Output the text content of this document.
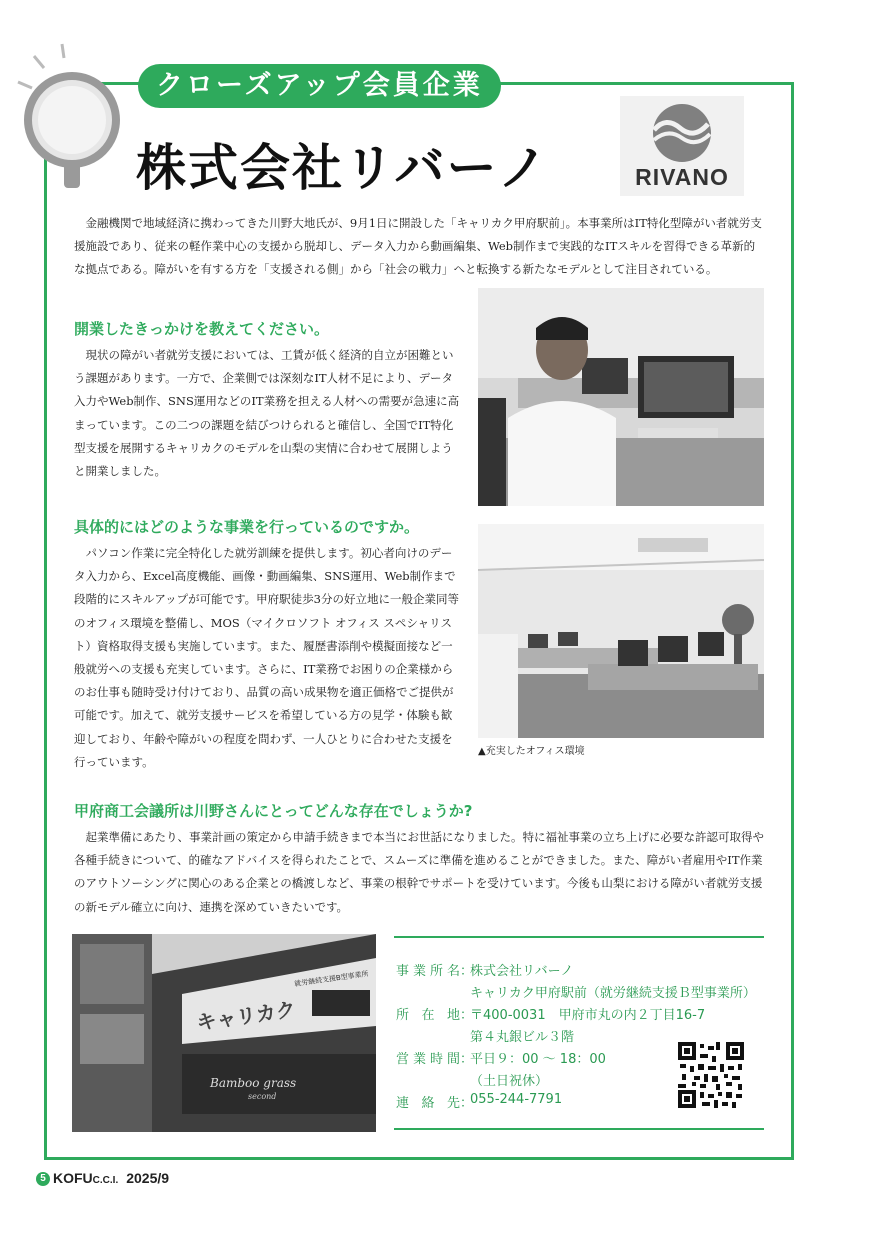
クローズアップ会員企業
株式会社リバーノ	RIVANO

金融機関で地域経済に携わってきた川野大地氏が、9月1日に開設した「キャリカク甲府駅前」。本事業所はIT特化型障がい者就労支援施設であり、従来の軽作業中心の支援から脱却し、データ入力から動画編集、Web制作まで実践的なITスキルを習得できる革新的な拠点である。障がいを有する方を「支援される側」から「社会の戦力」へと転換する新たなモデルとして注目されている。

開業したきっかけを教えてください。

現状の障がい者就労支援においては、工賃が低く経済的自立が困難という課題があります。一方で、企業側では深刻なIT人材不足により、データ入力やWeb制作、SNS運用などのIT業務を担える人材への需要が急速に高まっています。この二つの課題を結びつけられると確信し、全国でIT特化型支援を展開するキャリカクのモデルを山梨の実情に合わせて展開しようと開業しました。

具体的にはどのような事業を行っているのですか。

パソコン作業に完全特化した就労訓練を提供します。初心者向けのデータ入力から、Excel高度機能、画像・動画編集、SNS運用、Web制作まで段階的にスキルアップが可能です。甲府駅徒歩3分の好立地に一般企業同等のオフィス環境を整備し、MOS（マイクロソフト オフィス スペシャリスト）資格取得支援も実施しています。また、履歴書添削や模擬面接など一般就労への支援も充実しています。さらに、IT業務でお困りの企業様からのお仕事も随時受け付けており、品質の高い成果物を適正価格でご提供が可能です。加えて、就労支援サービスを希望している方の見学・体験も歓迎しており、年齢や障がいの程度を問わず、一人ひとりに合わせた支援を行っています。

甲府商工会議所は川野さんにとってどんな存在でしょうか?

起業準備にあたり、事業計画の策定から申請手続きまで本当にお世話になりました。特に福祉事業の立ち上げに必要な許認可取得や各種手続きについて、的確なアドバイスを得られたことで、スムーズに準備を進めることができました。また、障がい者雇用やIT作業のアウトソーシングに関心のある企業との橋渡しなど、事業の根幹でサポートを受けています。今後も山梨における障がい者就労支援の新モデル確立に向け、連携を深めていきたいです。

▲充実したオフィス環境
キャリカク
就労継続支援B型事業所
Bamboo grass
second
事業所名 ：
株式会社リバーノ
キャリカク甲府駅前（就労継続支援Ｂ型事業所）
所在地 ：
〒400-0031　甲府市丸の内２丁目16-7
第４丸銀ビル３階
営業時間 ：
平日９：00 ～ 18：00
（土日祝休）
連絡先 ：
055-244-7791
5 KOFUC.C.I. 2025/9
